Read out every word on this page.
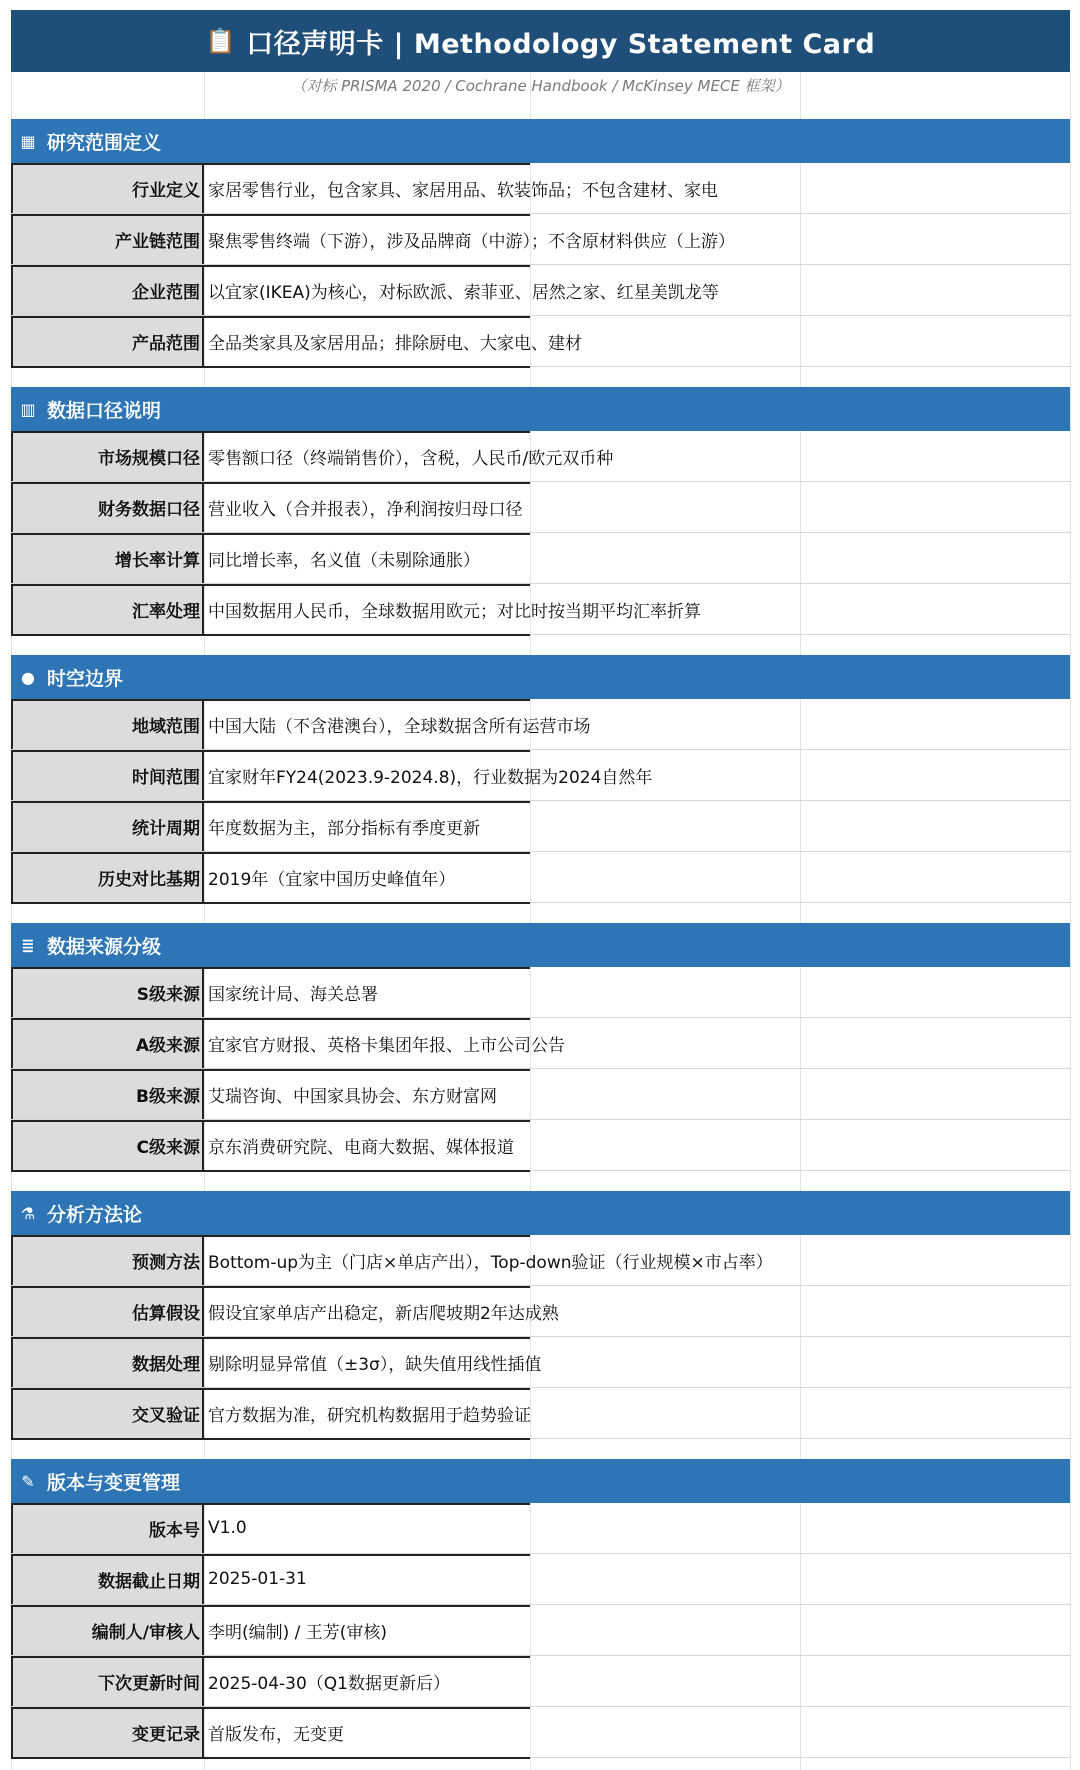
📋 口径声明卡 | Methodology Statement Card
（对标 PRISMA 2020 / Cochrane Handbook / McKinsey MECE 框架）
▦ 研究范围定义
行业定义 家居零售行业，包含家具、家居用品、软装饰品；不包含建材、家电
产业链范围 聚焦零售终端（下游），涉及品牌商（中游）；不含原材料供应（上游）
企业范围 以宜家(IKEA)为核心，对标欧派、索菲亚、居然之家、红星美凯龙等
产品范围 全品类家具及家居用品；排除厨电、大家电、建材
▥ 数据口径说明
市场规模口径 零售额口径（终端销售价），含税，人民币/欧元双币种
财务数据口径 营业收入（合并报表），净利润按归母口径
增长率计算 同比增长率，名义值（未剔除通胀）
汇率处理 中国数据用人民币，全球数据用欧元；对比时按当期平均汇率折算
● 时空边界
地域范围 中国大陆（不含港澳台），全球数据含所有运营市场
时间范围 宜家财年FY24(2023.9-2024.8)，行业数据为2024自然年
统计周期 年度数据为主，部分指标有季度更新
历史对比基期 2019年（宜家中国历史峰值年）
≣ 数据来源分级
S级来源 国家统计局、海关总署
A级来源 宜家官方财报、英格卡集团年报、上市公司公告
B级来源 艾瑞咨询、中国家具协会、东方财富网
C级来源 京东消费研究院、电商大数据、媒体报道
⚗ 分析方法论
预测方法 Bottom-up为主（门店×单店产出），Top-down验证（行业规模×市占率）
估算假设 假设宜家单店产出稳定，新店爬坡期2年达成熟
数据处理 剔除明显异常值（±3σ），缺失值用线性插值
交叉验证 官方数据为准，研究机构数据用于趋势验证
✎ 版本与变更管理
版本号 V1.0
数据截止日期 2025-01-31
编制人/审核人 李明(编制) / 王芳(审核)
下次更新时间 2025-04-30（Q1数据更新后）
变更记录 首版发布，无变更
